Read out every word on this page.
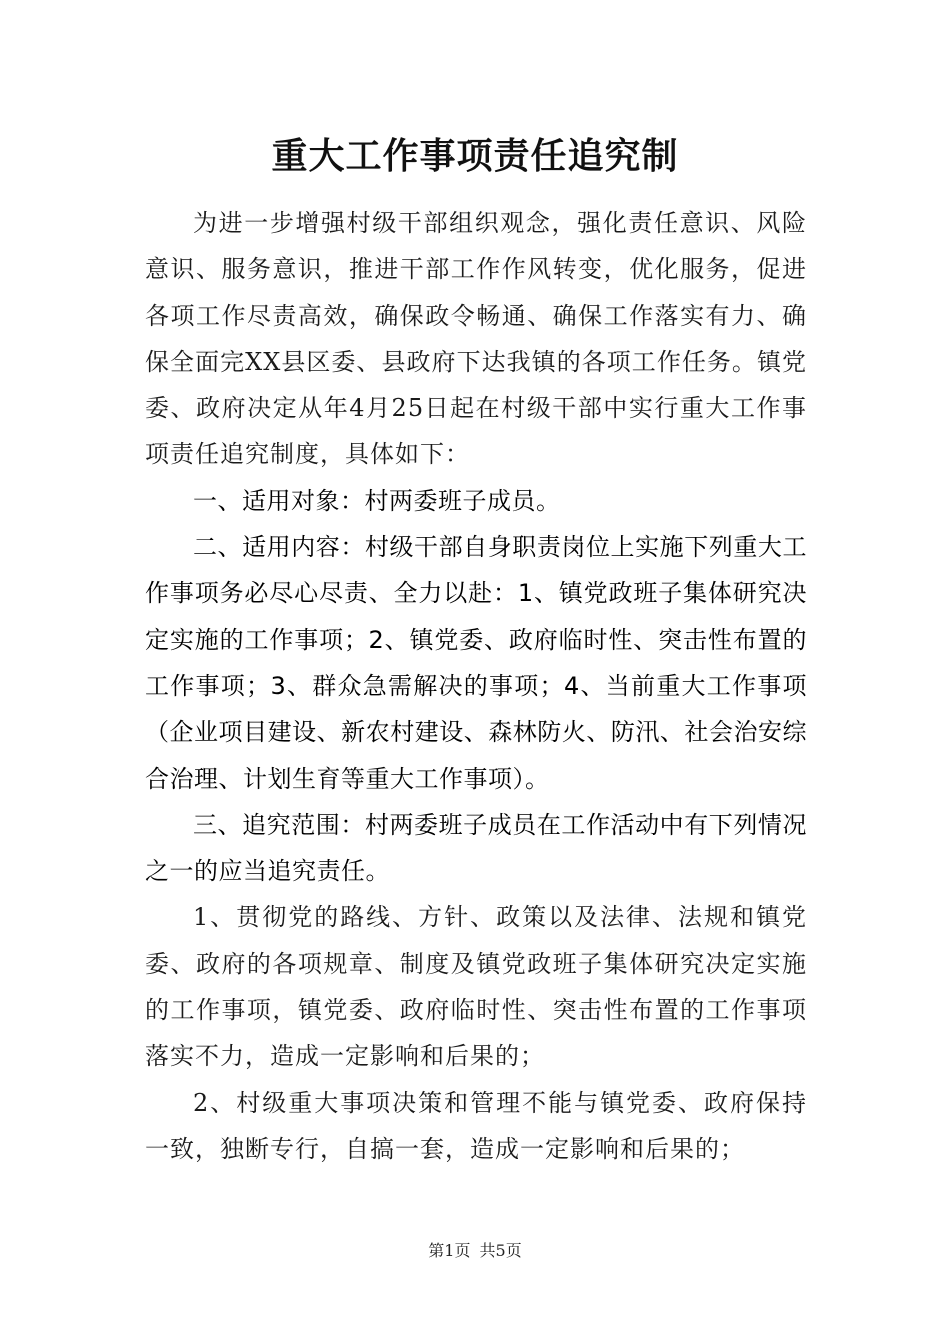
重大工作事项责任追究制

为进一步增强村级干部组织观念，强化责任意识、风险意识、服务意识，推进干部工作作风转变，优化服务，促进各项工作尽责高效，确保政令畅通、确保工作落实有力、确保全面完XX县区委、县政府下达我镇的各项工作任务。镇党委、政府决定从年4月25日起在村级干部中实行重大工作事项责任追究制度，具体如下：

一、适用对象：村两委班子成员。

二、适用内容：村级干部自身职责岗位上实施下列重大工作事项务必尽心尽责、全力以赴：1、镇党政班子集体研究决定实施的工作事项；2、镇党委、政府临时性、突击性布置的工作事项；3、群众急需解决的事项；4、当前重大工作事项（企业项目建设、新农村建设、森林防火、防汛、社会治安综合治理、计划生育等重大工作事项）。

三、追究范围：村两委班子成员在工作活动中有下列情况之一的应当追究责任。

1、贯彻党的路线、方针、政策以及法律、法规和镇党委、政府的各项规章、制度及镇党政班子集体研究决定实施的工作事项，镇党委、政府临时性、突击性布置的工作事项落实不力，造成一定影响和后果的；

2、村级重大事项决策和管理不能与镇党委、政府保持一致，独断专行，自搞一套，造成一定影响和后果的；

第1页 共5页
